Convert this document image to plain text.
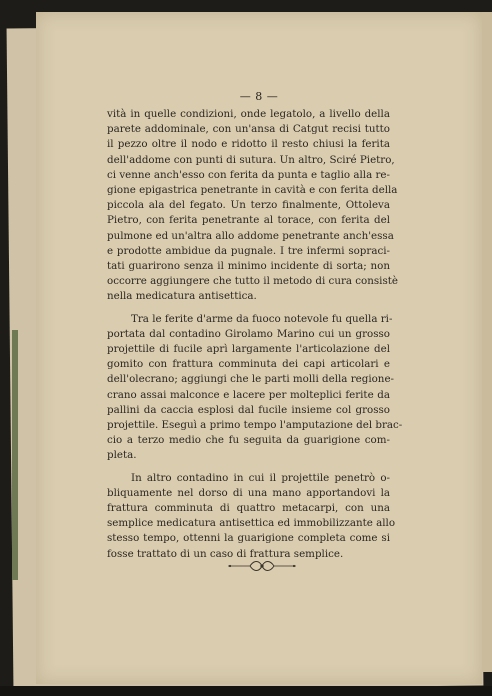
— 8 —
vità in quelle condizioni, onde legatolo, a livello della
parete addominale, con un'ansa di Catgut recisi tutto
il pezzo oltre il nodo e ridotto il resto chiusi la ferita
dell'addome con punti di sutura. Un altro, Sciré Pietro,
ci venne anch'esso con ferita da punta e taglio alla re-
gione epigastrica penetrante in cavità e con ferita della
piccola ala del fegato. Un terzo finalmente, Ottoleva
Pietro, con ferita penetrante al torace, con ferita del
pulmone ed un'altra allo addome penetrante anch'essa
e prodotte ambidue da pugnale. I tre infermi sopraci-
tati guarirono senza il minimo incidente di sorta; non
occorre aggiungere che tutto il metodo di cura consistè
nella medicatura antisettica.
Tra le ferite d'arme da fuoco notevole fu quella ri-
portata dal contadino Girolamo Marino cui un grosso
projettile di fucile aprì largamente l'articolazione del
gomito con frattura comminuta dei capi articolari e
dell'olecrano; aggiungi che le parti molli della regione-
crano assai malconce e lacere per molteplici ferite da
pallini da caccia esplosi dal fucile insieme col grosso
projettile. Eseguì a primo tempo l'amputazione del brac-
cio a terzo medio che fu seguita da guarigione com-
pleta.
In altro contadino in cui il projettile penetrò o-
bliquamente nel dorso di una mano apportandovi la
frattura comminuta di quattro metacarpi, con una
semplice medicatura antisettica ed immobilizzante allo
stesso tempo, ottenni la guarigione completa come si
fosse trattato di un caso di frattura semplice.
